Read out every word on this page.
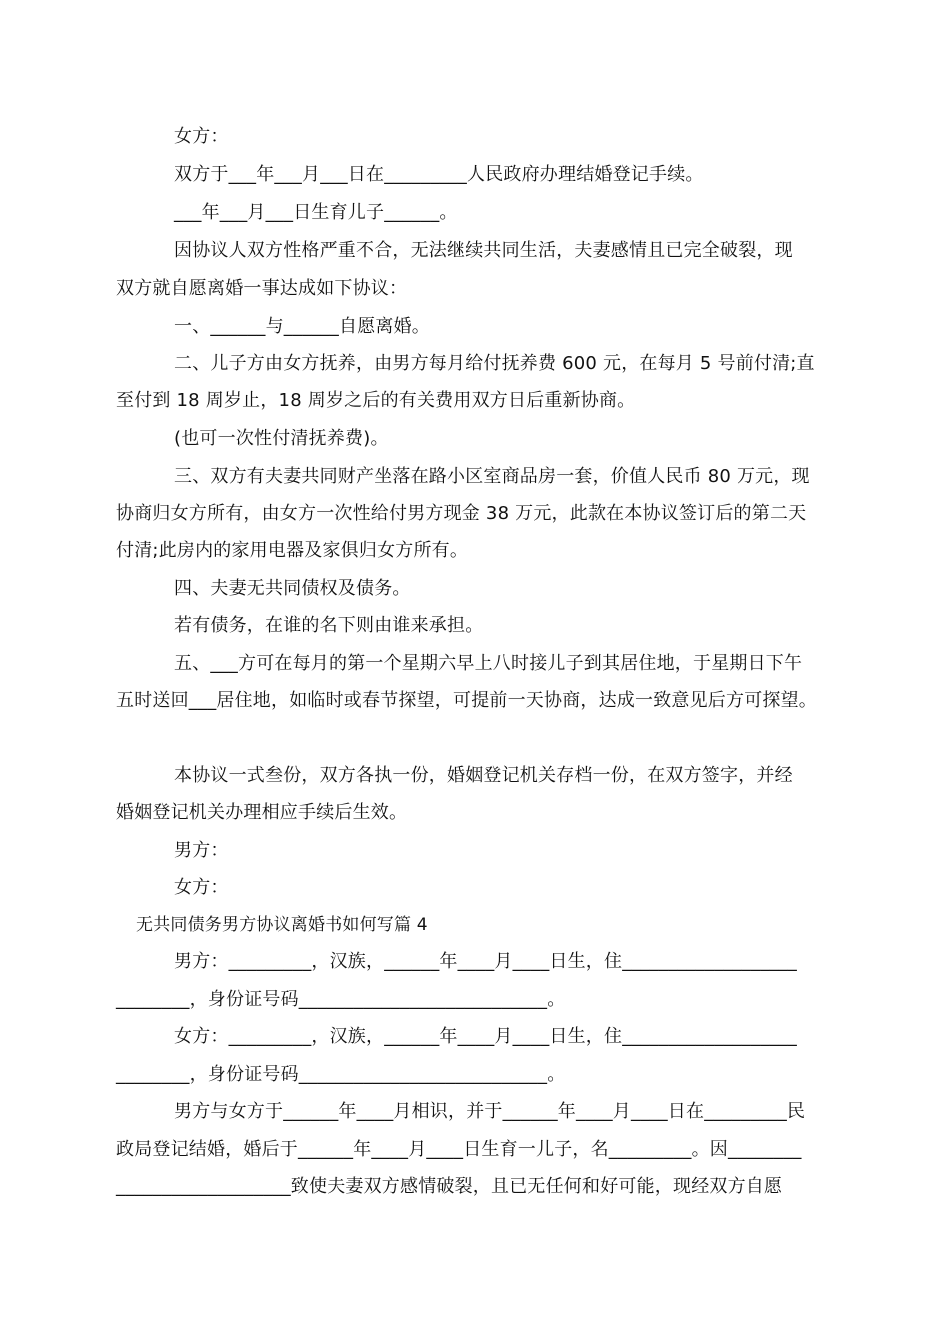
女方：
双方于___年___月___日在_________人民政府办理结婚登记手续。
___年___月___日生育儿子______。
因协议人双方性格严重不合，无法继续共同生活，夫妻感情且已完全破裂，现
双方就自愿离婚一事达成如下协议：
一、______与______自愿离婚。
二、儿子方由女方抚养，由男方每月给付抚养费 600 元，在每月 5 号前付清;直
至付到 18 周岁止，18 周岁之后的有关费用双方日后重新协商。
(也可一次性付清抚养费)。
三、双方有夫妻共同财产坐落在路小区室商品房一套，价值人民币 80 万元，现
协商归女方所有，由女方一次性给付男方现金 38 万元，此款在本协议签订后的第二天
付清;此房内的家用电器及家俱归女方所有。
四、夫妻无共同债权及债务。
若有债务，在谁的名下则由谁来承担。
五、___方可在每月的第一个星期六早上八时接儿子到其居住地，于星期日下午
五时送回___居住地，如临时或春节探望，可提前一天协商，达成一致意见后方可探望。
本协议一式叁份，双方各执一份，婚姻登记机关存档一份，在双方签字，并经
婚姻登记机关办理相应手续后生效。
男方：
女方：
无共同债务男方协议离婚书如何写篇 4
男方：_________，汉族，______年____月____日生，住___________________
________，身份证号码___________________________。
女方：_________，汉族，______年____月____日生，住___________________
________，身份证号码___________________________。
男方与女方于______年____月相识，并于______年____月____日在_________民
政局登记结婚，婚后于______年____月____日生育一儿子，名_________。因________
___________________致使夫妻双方感情破裂，且已无任何和好可能，现经双方自愿
